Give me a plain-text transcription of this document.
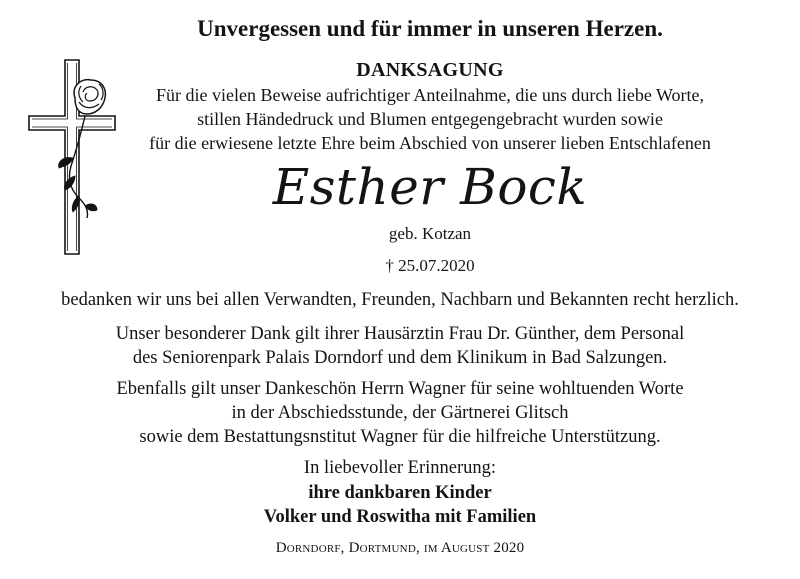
Unvergessen und für immer in unseren Herzen.
DANKSAGUNG
Für die vielen Beweise aufrichtiger Anteilnahme, die uns durch liebe Worte,
stillen Händedruck und Blumen entgegengebracht wurden sowie
für die erwiesene letzte Ehre beim Abschied von unserer lieben Entschlafenen
Esther Bock
geb. Kotzan
† 25.07.2020
bedanken wir uns bei allen Verwandten, Freunden, Nachbarn und Bekannten recht herzlich.
Unser besonderer Dank gilt ihrer Hausärztin Frau Dr. Günther, dem Personal
des Seniorenpark Palais Dorndorf und dem Klinikum in Bad Salzungen.
Ebenfalls gilt unser Dankeschön Herrn Wagner für seine wohltuenden Worte
in der Abschiedsstunde, der Gärtnerei Glitsch
sowie dem Bestattungsnstitut Wagner für die hilfreiche Unterstützung.
In liebevoller Erinnerung:
ihre dankbaren Kinder
Volker und Roswitha mit Familien
Dorndorf, Dortmund, im August 2020
